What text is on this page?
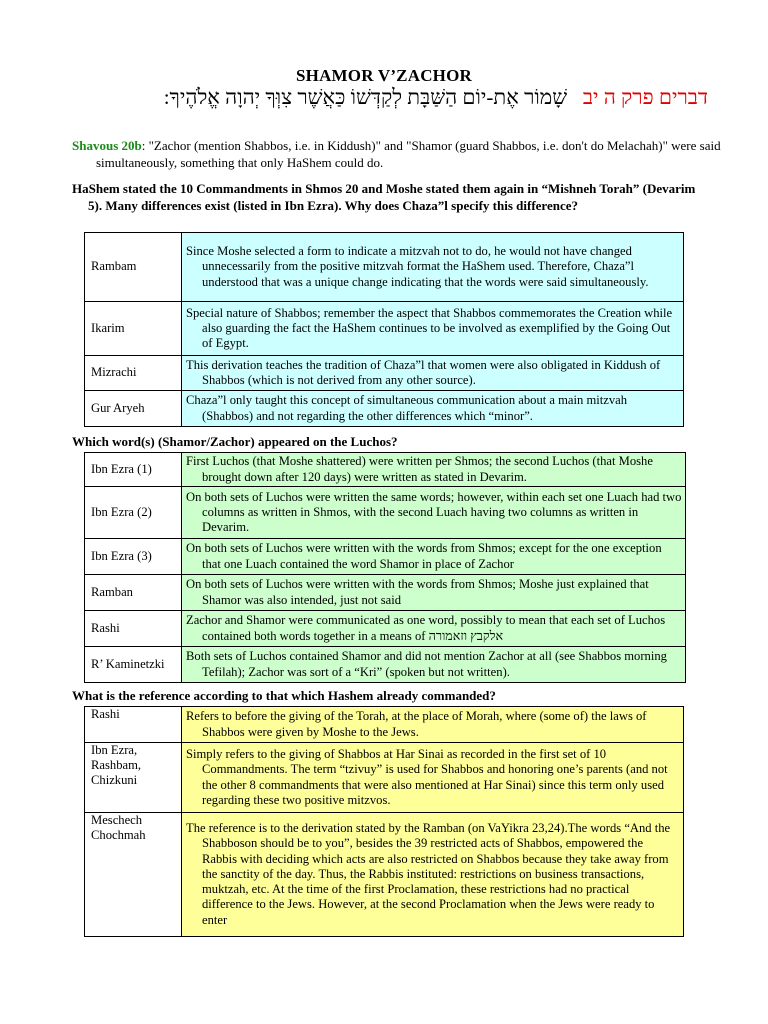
SHAMOR V’ZACHOR
דברים פרק ה יב   שָׁמוֹר אֶת-יוֹם הַשַּׁבָּת לְקַדְּשׁוֹ כַּאֲשֶׁר צִוְּךָ יְהוָה אֱלֹהֶיךָ:
Shavous 20b: "Zachor (mention Shabbos, i.e. in Kiddush)" and "Shamor (guard Shabbos, i.e. don't do Melachah)" were said simultaneously, something that only HaShem could do.
HaShem stated the 10 Commandments in Shmos 20 and Moshe stated them again in “Mishneh Torah” (Devarim 5). Many differences exist (listed in Ibn Ezra). Why does Chaza”l specify this difference?
Rambam	Since Moshe selected a form to indicate a mitzvah not to do, he would not have changed unnecessarily from the positive mitzvah format the HaShem used. Therefore, Chaza”l understood that was a unique change indicating that the words were said simultaneously.

Ikarim	Special nature of Shabbos; remember the aspect that Shabbos commemorates the Creation while also guarding the fact the HaShem continues to be involved as exemplified by the Going Out of Egypt.

Mizrachi	This derivation teaches the tradition of Chaza”l that women were also obligated in Kiddush of Shabbos (which is not derived from any other source).

Gur Aryeh	Chaza”l only taught this concept of simultaneous communication about a main mitzvah (Shabbos) and not regarding the other differences which “minor”.
Which word(s) (Shamor/Zachor) appeared on the Luchos?
Ibn Ezra (1)	First Luchos (that Moshe shattered) were written per Shmos; the second Luchos (that Moshe brought down after 120 days) were written as stated in Devarim.

Ibn Ezra (2)	On both sets of Luchos were written the same words; however, within each set one Luach had two columns as written in Shmos, with the second Luach having two columns as written in Devarim.

Ibn Ezra (3)	On both sets of Luchos were written with the words from Shmos; except for the one exception that one Luach contained the word Shamor in place of Zachor

Ramban	On both sets of Luchos were written with the words from Shmos; Moshe just explained that Shamor was also intended, just not said

Rashi	Zachor and Shamor were communicated as one word, possibly to mean that each set of Luchos contained both words together in a means of אלקבץ וזאמורה

R’ Kaminetzki	Both sets of Luchos contained Shamor and did not mention Zachor at all (see Shabbos morning Tefilah); Zachor was sort of a “Kri” (spoken but not written).
What is the reference according to that which Hashem already commanded?
Rashi	Refers to before the giving of the Torah, at the place of Morah, where (some of) the laws of Shabbos were given by Moshe to the Jews.

Ibn Ezra, Rashbam, Chizkuni	Simply refers to the giving of Shabbos at Har Sinai as recorded in the first set of 10 Commandments. The term “tzivuy” is used for Shabbos and honoring one’s parents (and not the other 8 commandments that were also mentioned at Har Sinai) since this term only used regarding these two positive mitzvos.

Meschech Chochmah	The reference is to the derivation stated by the Ramban (on VaYikra 23,24).The words “And the Shabboson should be to you”, besides the 39 restricted acts of Shabbos, empowered the Rabbis with deciding which acts are also restricted on Shabbos because they take away from the sanctity of the day. Thus, the Rabbis instituted: restrictions on business transactions, muktzah, etc. At the time of the first Proclamation, these restrictions had no practical difference to the Jews. However, at the second Proclamation when the Jews were ready to enter
